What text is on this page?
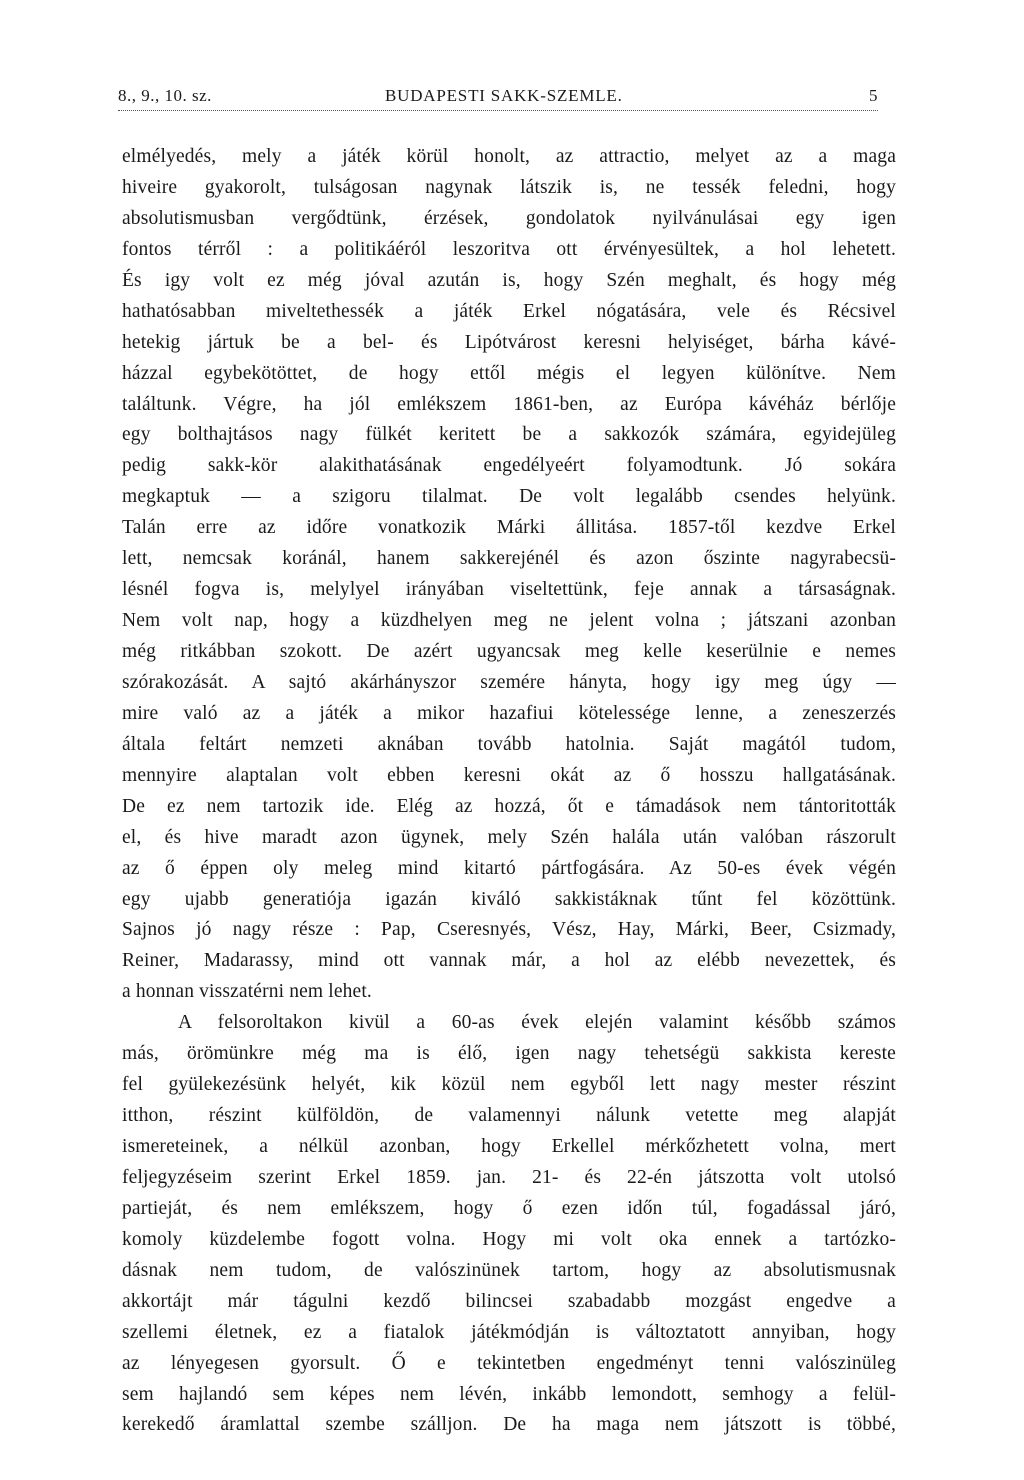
8., 9., 10. sz.	BUDAPESTI SAKK-SZEMLE.	5
elmélyedés, mely a játék körül honolt, az attractio, melyet az a maga
hiveire gyakorolt, tulságosan nagynak látszik is, ne tessék feledni, hogy
absolutismusban vergődtünk, érzések, gondolatok nyilvánulásai egy igen
fontos térről : a politikáéról leszoritva ott érvényesültek, a hol lehetett.
És igy volt ez még jóval azután is, hogy Szén meghalt, és hogy még
hathatósabban miveltethessék a játék Erkel nógatására, vele és Récsivel
hetekig jártuk be a bel- és Lipótvárost keresni helyiséget, bárha kávé-
házzal egybekötöttet, de hogy ettől mégis el legyen különítve. Nem
találtunk. Végre, ha jól emlékszem 1861-ben, az Európa kávéház bérlője
egy bolthajtásos nagy fülkét keritett be a sakkozók számára, egyidejüleg
pedig sakk-kör alakithatásának engedélyeért folyamodtunk. Jó sokára
megkaptuk — a szigoru tilalmat. De volt legalább csendes helyünk.
Talán erre az időre vonatkozik Márki állitása. 1857-től kezdve Erkel
lett, nemcsak koránál, hanem sakkerejénél és azon őszinte nagyrabecsü-
lésnél fogva is, melylyel irányában viseltettünk, feje annak a társaságnak.
Nem volt nap, hogy a küzdhelyen meg ne jelent volna ; játszani azonban
még ritkábban szokott. De azért ugyancsak meg kelle keserülnie e nemes
szórakozását. A sajtó akárhányszor szemére hányta, hogy igy meg úgy —
mire való az a játék a mikor hazafiui kötelessége lenne, a zeneszerzés
általa feltárt nemzeti aknában tovább hatolnia. Saját magától tudom,
mennyire alaptalan volt ebben keresni okát az ő hosszu hallgatásának.
De ez nem tartozik ide. Elég az hozzá, őt e támadások nem tántoritották
el, és hive maradt azon ügynek, mely Szén halála után valóban rászorult
az ő éppen oly meleg mind kitartó pártfogására. Az 50-es évek végén
egy ujabb generatiója igazán kiváló sakkistáknak tűnt fel közöttünk.
Sajnos jó nagy része : Pap, Cseresnyés, Vész, Hay, Márki, Beer, Csizmady,
Reiner, Madarassy, mind ott vannak már, a hol az elébb nevezettek, és
a honnan visszatérni nem lehet.
A felsoroltakon kivül a 60-as évek elején valamint később számos
más, örömünkre még ma is élő, igen nagy tehetségü sakkista kereste
fel gyülekezésünk helyét, kik közül nem egyből lett nagy mester részint
itthon, részint külföldön, de valamennyi nálunk vetette meg alapját
ismereteinek, a nélkül azonban, hogy Erkellel mérkőzhetett volna, mert
feljegyzéseim szerint Erkel 1859. jan. 21- és 22-én játszotta volt utolsó
partieját, és nem emlékszem, hogy ő ezen időn túl, fogadással járó,
komoly küzdelembe fogott volna. Hogy mi volt oka ennek a tartózko-
dásnak nem tudom, de valószinünek tartom, hogy az absolutismusnak
akkortájt már tágulni kezdő bilincsei szabadabb mozgást engedve a
szellemi életnek, ez a fiatalok játékmódján is változtatott annyiban, hogy
az lényegesen gyorsult. Ő e tekintetben engedményt tenni valószinüleg
sem hajlandó sem képes nem lévén, inkább lemondott, semhogy a felül-
kerekedő áramlattal szembe szálljon. De ha maga nem játszott is többé,
